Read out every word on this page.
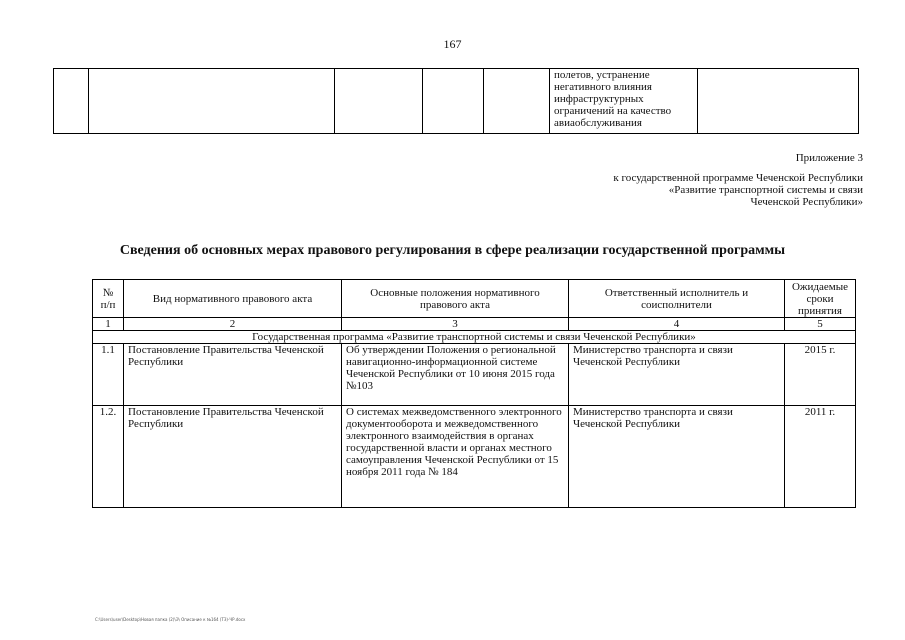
167
					полетов, устранение негативного влияния инфраструктурных ограничений на качество авиаобслуживания	
Приложение 3
к государственной программе Чеченской Республики
«Развитие транспортной системы и связи
Чеченской Республики»
Сведения об основных мерах правового регулирования в сфере реализации государственной программы
№ п/п	Вид нормативного правового акта	Основные положения нормативного правового акта	Ответственный исполнитель и соисполнители	Ожидаемые сроки принятия
1	2	3	4	5
Государственная программа «Развитие транспортной системы и связи Чеченской Республики»				
1.1	Постановление Правительства Чеченской Республики	Об утверждении Положения о региональной навигационно-информационной системе Чеченской Республики от 10 июня 2015 года №103	Министерство транспорта и связи Чеченской Республики	2015 г.
1.2.	Постановление Правительства Чеченской Республики	О системах межведомственного электронного документооборота и межведомственного электронного взаимодействия в органах государственной власти и органах местного самоуправления Чеченской Республики от 15 ноября 2011 года № 184	Министерство транспорта и связи Чеченской Республики	2011 г.
C:\Users\user\Desktop\Новая папка (2)\Э\ Описание к №164 (ТЗ)-ЧР.docx
